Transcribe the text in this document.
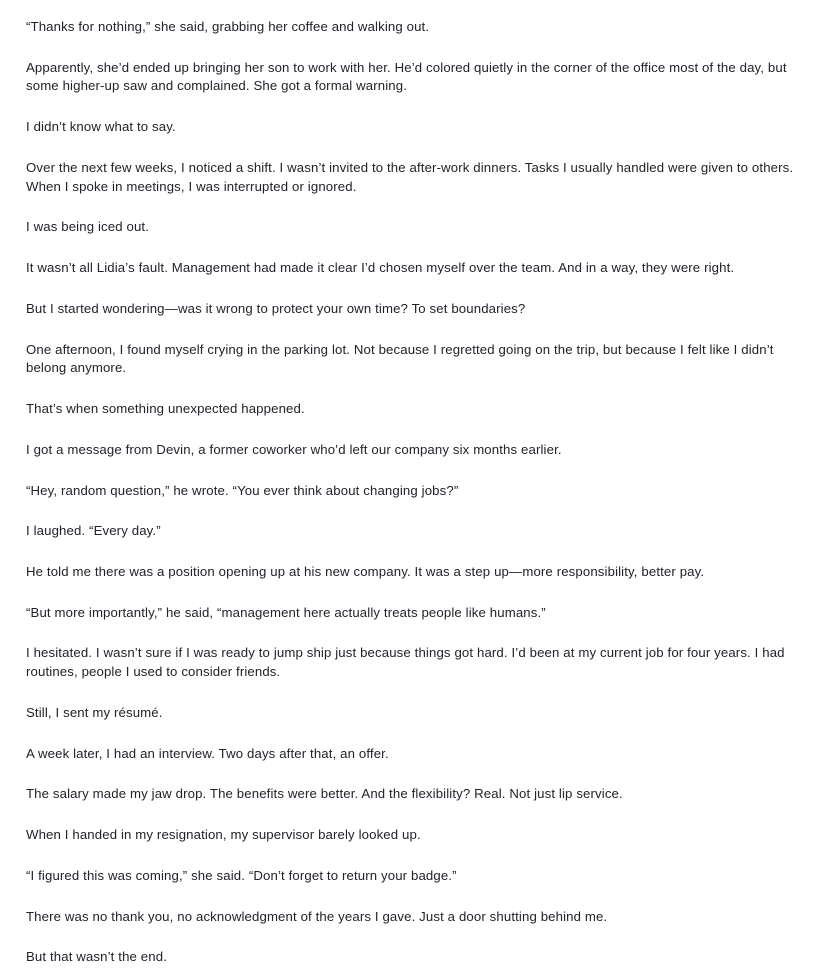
“Thanks for nothing,” she said, grabbing her coffee and walking out.

Apparently, she’d ended up bringing her son to work with her. He’d colored quietly in the corner of the office most of the day, but some higher-up saw and complained. She got a formal warning.

I didn’t know what to say.

Over the next few weeks, I noticed a shift. I wasn’t invited to the after-work dinners. Tasks I usually handled were given to others. When I spoke in meetings, I was interrupted or ignored.

I was being iced out.

It wasn’t all Lidia’s fault. Management had made it clear I’d chosen myself over the team. And in a way, they were right.

But I started wondering—was it wrong to protect your own time? To set boundaries?

One afternoon, I found myself crying in the parking lot. Not because I regretted going on the trip, but because I felt like I didn’t belong anymore.

That’s when something unexpected happened.

I got a message from Devin, a former coworker who’d left our company six months earlier.

“Hey, random question,” he wrote. “You ever think about changing jobs?”

I laughed. “Every day.”

He told me there was a position opening up at his new company. It was a step up—more responsibility, better pay.

“But more importantly,” he said, “management here actually treats people like humans.”

I hesitated. I wasn’t sure if I was ready to jump ship just because things got hard. I’d been at my current job for four years. I had routines, people I used to consider friends.

Still, I sent my résumé.

A week later, I had an interview. Two days after that, an offer.

The salary made my jaw drop. The benefits were better. And the flexibility? Real. Not just lip service.

When I handed in my resignation, my supervisor barely looked up.

“I figured this was coming,” she said. “Don’t forget to return your badge.”

There was no thank you, no acknowledgment of the years I gave. Just a door shutting behind me.

But that wasn’t the end.
